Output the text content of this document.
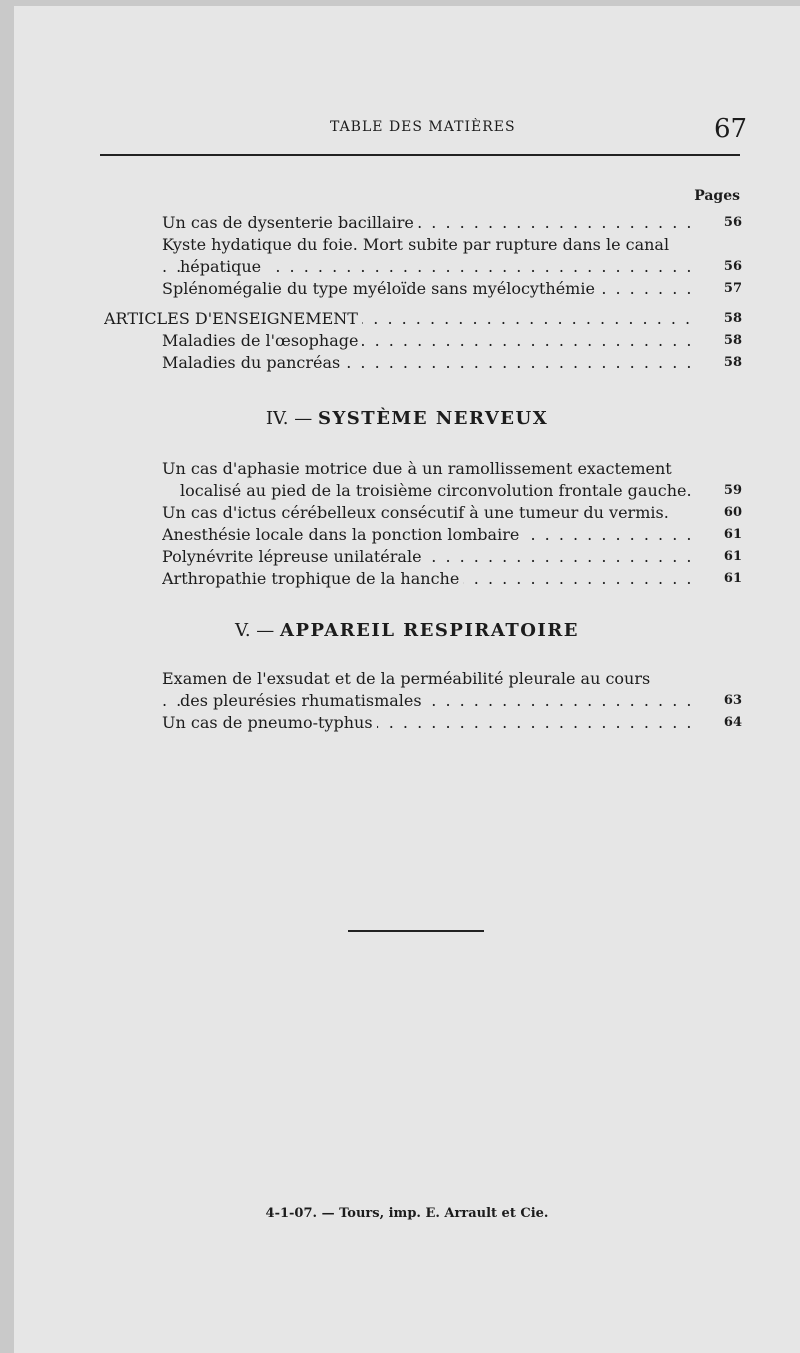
TABLE DES MATIÈRES	67
Pages
. . . Un cas de dysenterie bacillaire	56
Kyste hydatique du foie. Mort subite par rupture dans le canal
. . . hépatique	56
. . . Splénomégalie du type myéloïde sans myélocythémie	57
. . . ARTICLES D'ENSEIGNEMENT	58
. . . Maladies de l'œsophage	58
. . . Maladies du pancréas	58
IV. — SYSTÈME NERVEUX
Un cas d'aphasie motrice due à un ramollissement exactement
localisé au pied de la troisième circonvolution frontale gauche.	59
Un cas d'ictus cérébelleux consécutif à une tumeur du vermis.	60
. . . Anesthésie locale dans la ponction lombaire	61
. . . Polynévrite lépreuse unilatérale	61
. . . Arthropathie trophique de la hanche	61
V. — APPAREIL RESPIRATOIRE
Examen de l'exsudat et de la perméabilité pleurale au cours
. . . des pleurésies rhumatismales	63
. . . Un cas de pneumo-typhus	64
4-1-07. — Tours, imp. E. Arrault et Cie.
